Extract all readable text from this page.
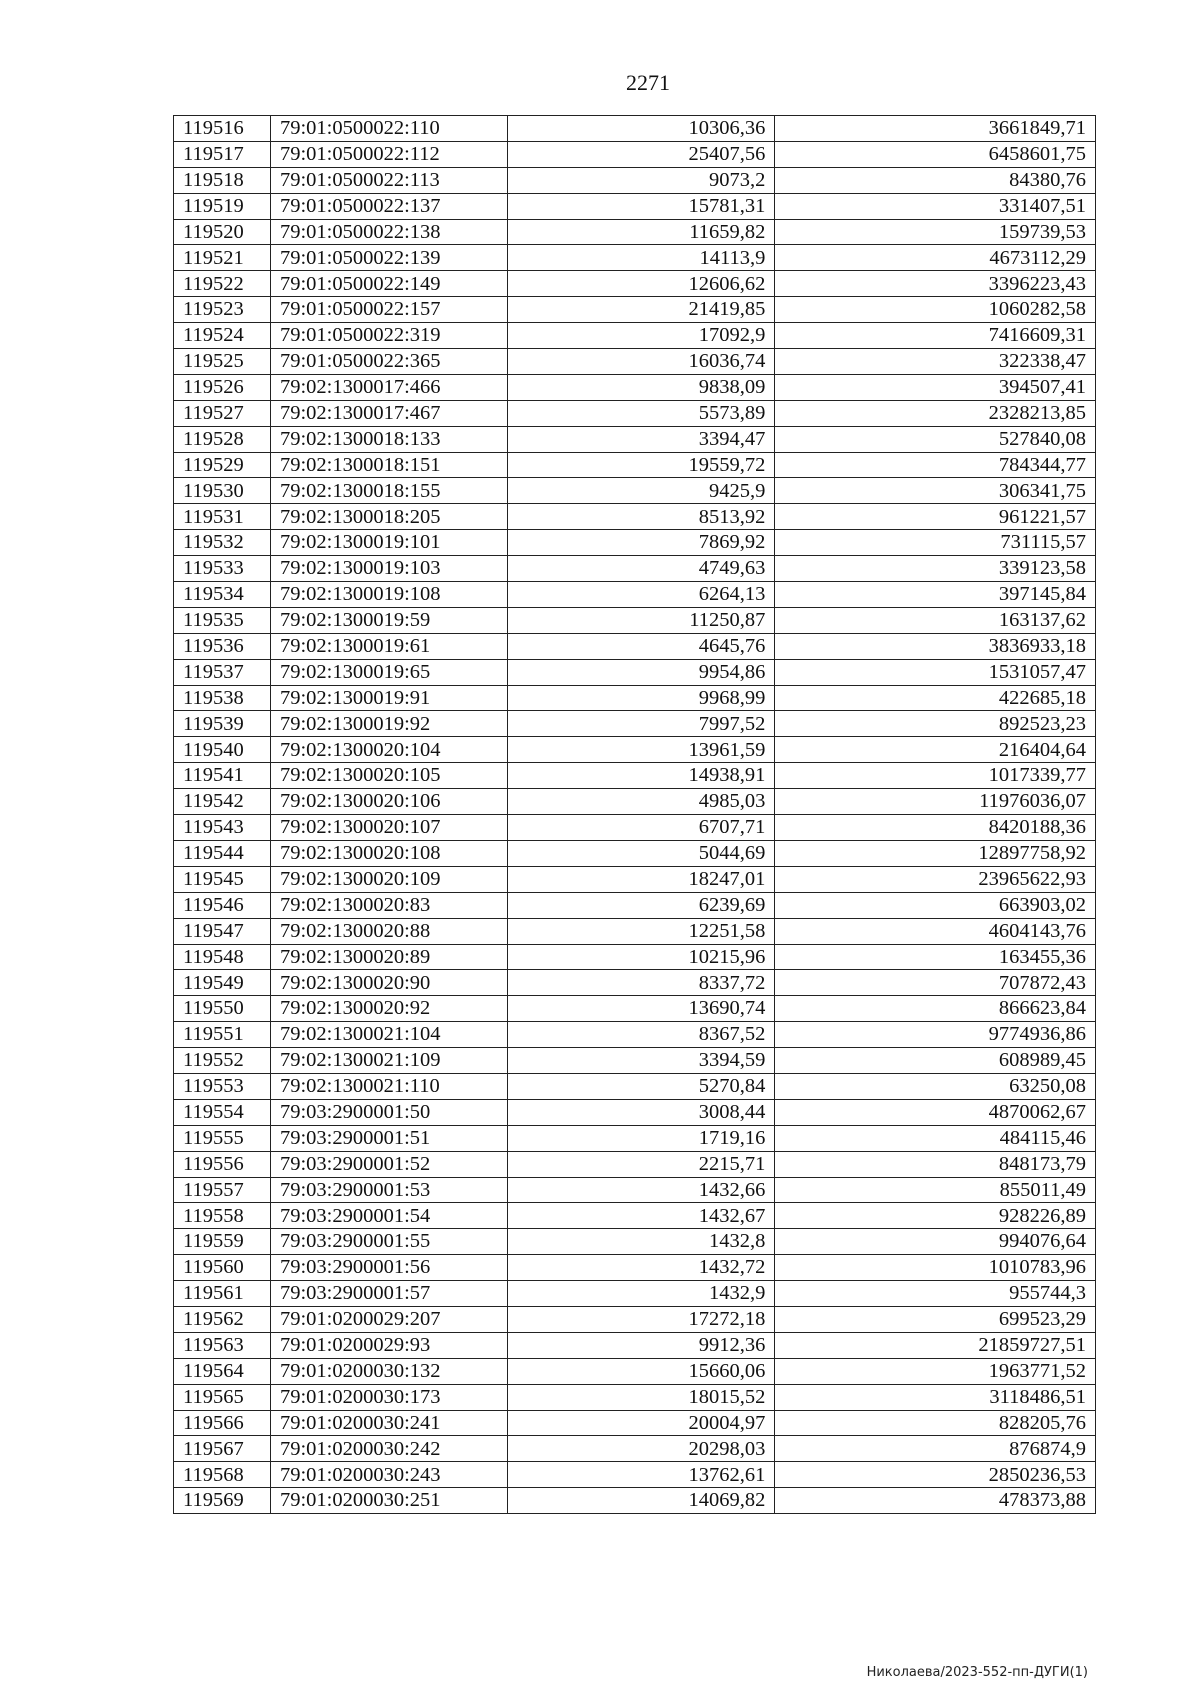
2271
119516	79:01:0500022:110	10306,36	3661849,71
119517	79:01:0500022:112	25407,56	6458601,75
119518	79:01:0500022:113	9073,2	84380,76
119519	79:01:0500022:137	15781,31	331407,51
119520	79:01:0500022:138	11659,82	159739,53
119521	79:01:0500022:139	14113,9	4673112,29
119522	79:01:0500022:149	12606,62	3396223,43
119523	79:01:0500022:157	21419,85	1060282,58
119524	79:01:0500022:319	17092,9	7416609,31
119525	79:01:0500022:365	16036,74	322338,47
119526	79:02:1300017:466	9838,09	394507,41
119527	79:02:1300017:467	5573,89	2328213,85
119528	79:02:1300018:133	3394,47	527840,08
119529	79:02:1300018:151	19559,72	784344,77
119530	79:02:1300018:155	9425,9	306341,75
119531	79:02:1300018:205	8513,92	961221,57
119532	79:02:1300019:101	7869,92	731115,57
119533	79:02:1300019:103	4749,63	339123,58
119534	79:02:1300019:108	6264,13	397145,84
119535	79:02:1300019:59	11250,87	163137,62
119536	79:02:1300019:61	4645,76	3836933,18
119537	79:02:1300019:65	9954,86	1531057,47
119538	79:02:1300019:91	9968,99	422685,18
119539	79:02:1300019:92	7997,52	892523,23
119540	79:02:1300020:104	13961,59	216404,64
119541	79:02:1300020:105	14938,91	1017339,77
119542	79:02:1300020:106	4985,03	11976036,07
119543	79:02:1300020:107	6707,71	8420188,36
119544	79:02:1300020:108	5044,69	12897758,92
119545	79:02:1300020:109	18247,01	23965622,93
119546	79:02:1300020:83	6239,69	663903,02
119547	79:02:1300020:88	12251,58	4604143,76
119548	79:02:1300020:89	10215,96	163455,36
119549	79:02:1300020:90	8337,72	707872,43
119550	79:02:1300020:92	13690,74	866623,84
119551	79:02:1300021:104	8367,52	9774936,86
119552	79:02:1300021:109	3394,59	608989,45
119553	79:02:1300021:110	5270,84	63250,08
119554	79:03:2900001:50	3008,44	4870062,67
119555	79:03:2900001:51	1719,16	484115,46
119556	79:03:2900001:52	2215,71	848173,79
119557	79:03:2900001:53	1432,66	855011,49
119558	79:03:2900001:54	1432,67	928226,89
119559	79:03:2900001:55	1432,8	994076,64
119560	79:03:2900001:56	1432,72	1010783,96
119561	79:03:2900001:57	1432,9	955744,3
119562	79:01:0200029:207	17272,18	699523,29
119563	79:01:0200029:93	9912,36	21859727,51
119564	79:01:0200030:132	15660,06	1963771,52
119565	79:01:0200030:173	18015,52	3118486,51
119566	79:01:0200030:241	20004,97	828205,76
119567	79:01:0200030:242	20298,03	876874,9
119568	79:01:0200030:243	13762,61	2850236,53
119569	79:01:0200030:251	14069,82	478373,88
Николаева/2023-552-пп-ДУГИ(1)
